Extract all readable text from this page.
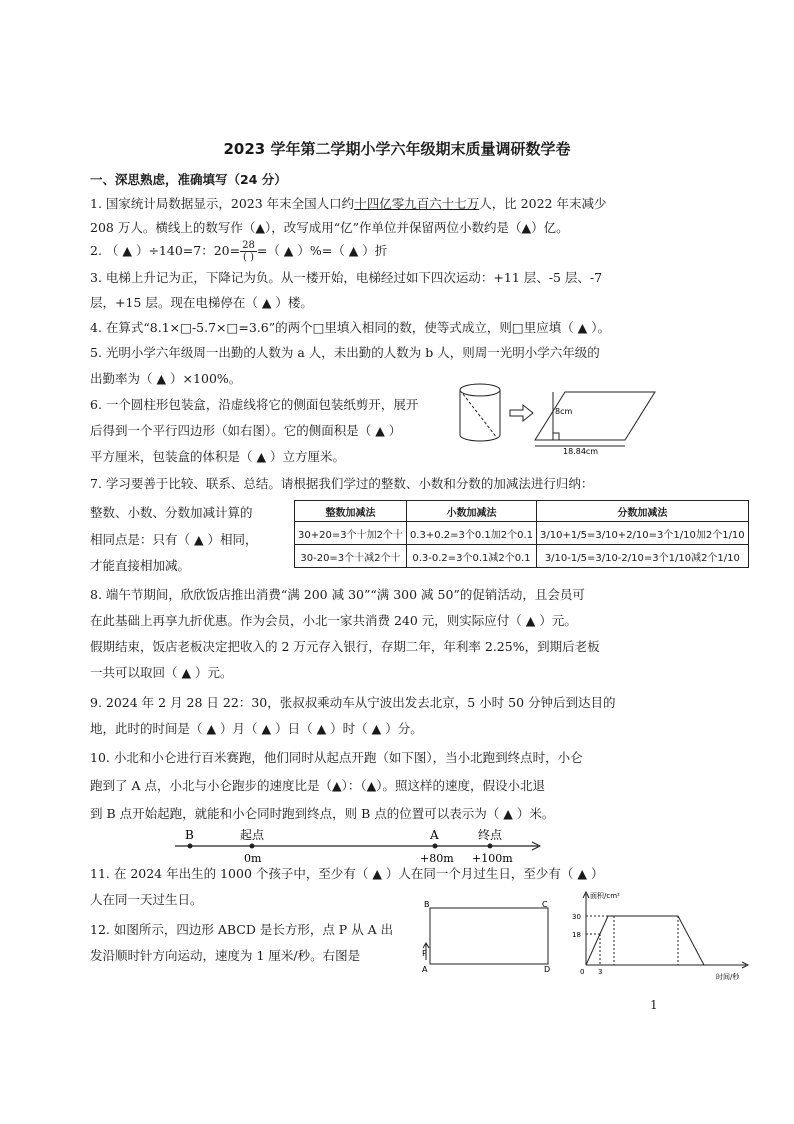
2023 学年第二学期小学六年级期末质量调研数学卷
一、深思熟虑，准确填写（24 分）
1. 国家统计局数据显示，2023 年末全国人口约十四亿零九百六十七万人，比 2022 年末减少
208 万人。横线上的数写作（▲），改写成用“亿”作单位并保留两位小数约是（▲）亿。
2. （ ▲ ）÷140=7：$20= \frac{28}{( )}$ =（ ▲ ）%=（ ▲ ）折
3. 电梯上升记为正，下降记为负。从一楼开始，电梯经过如下四次运动：+11 层、-5 层、-7
层，+15 层。现在电梯停在（ ▲ ）楼。
4. 在算式“8.1×□-5.7×□=3.6”的两个□里填入相同的数，使等式成立，则□里应填（ ▲ ）。
5. 光明小学六年级周一出勤的人数为 a 人，未出勤的人数为 b 人，则周一光明小学六年级的
出勤率为（ ▲ ）×100%。
6. 一个圆柱形包装盒，沿虚线将它的侧面包装纸剪开，展开
后得到一个平行四边形（如右图）。它的侧面积是（ ▲ ）
平方厘米，包装盒的体积是（ ▲ ）立方厘米。
8cm
18.84cm
7. 学习要善于比较、联系、总结。请根据我们学过的整数、小数和分数的加减法进行归纳：
整数、小数、分数加减计算的
相同点是：只有（ ▲ ）相同，
才能直接相加减。
整数加减法	小数加减法	分数加减法
30+20=3个十加2个十	0.3+0.2=3个0.1加2个0.1	3/10+1/5=3/10+2/10=3个1/10加2个1/10
30-20=3个十减2个十	0.3-0.2=3个0.1减2个0.1	3/10-1/5=3/10-2/10=3个1/10减2个1/10
8. 端午节期间，欣欣饭店推出消费“满 200 减 30”“满 300 减 50”的促销活动，且会员可
在此基础上再享九折优惠。作为会员，小北一家共消费 240 元，则实际应付（ ▲ ）元。
假期结束，饭店老板决定把收入的 2 万元存入银行，存期二年，年利率 2.25%，到期后老板
一共可以取回（ ▲ ）元。
9. 2024 年 2 月 28 日 22：30，张叔叔乘动车从宁波出发去北京，5 小时 50 分钟后到达目的
地，此时的时间是（ ▲ ）月（ ▲ ）日（ ▲ ）时（ ▲ ）分。
10. 小北和小仑进行百米赛跑，他们同时从起点开跑（如下图），当小北跑到终点时，小仑
跑到了 A 点，小北与小仑跑步的速度比是（▲）：（▲）。照这样的速度，假设小北退
到 B 点开始起跑，就能和小仑同时跑到终点，则 B 点的位置可以表示为（ ▲ ）米。
B	起点	A	终点
0m	+80m +100m
11. 在 2024 年出生的 1000 个孩子中，至少有（ ▲ ）人在同一个月过生日，至少有（ ▲ ）
人在同一天过生日。
12. 如图所示，四边形 ABCD 是长方形，点 P 从 A 出
发沿顺时针方向运动，速度为 1 厘米/秒。右图是
B	C
A	D
P
面积/cm²
30
18
0 3
时间/秒
1
